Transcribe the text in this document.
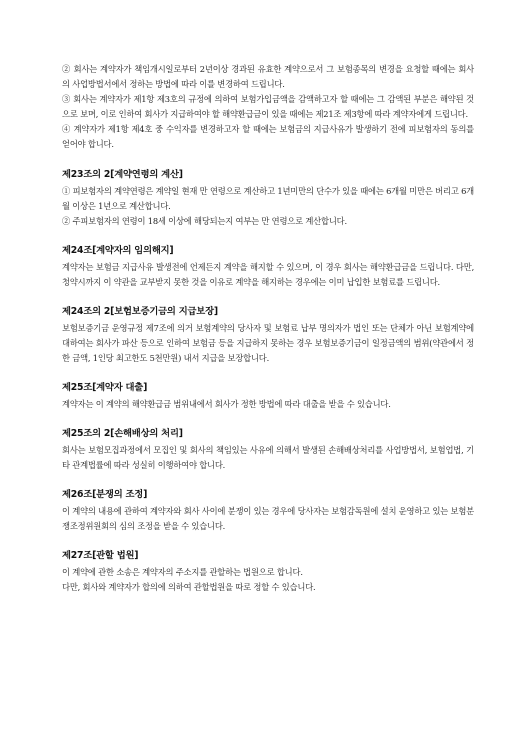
② 회사는 계약자가 책임개시일로부터 2년이상 경과된 유효한 계약으로서 그 보험종목의 변경을 요청할 때에는 회사의 사업방법서에서 정하는 방법에 따라 이를 변경하여 드립니다.

③ 회사는 계약자가 제1항 제3호의 규정에 의하여 보험가입금액을 감액하고자 할 때에는 그 감액된 부분은 해약된 것으로 보며, 이로 인하여 회사가 지급하여야 할 해약환급금이 있을 때에는 제21조 제3항에 따라 계약자에게 드립니다.

④ 계약자가 제1항 제4호 중 수익자를 변경하고자 할 때에는 보험금의 지급사유가 발생하기 전에 피보험자의 동의를 얻어야 합니다.

제23조의 2[계약연령의 계산]

① 피보험자의 계약연령은 계약일 현재 만 연령으로 계산하고 1년미만의 단수가 있을 때에는 6개월 미만은 버리고 6개월 이상은 1년으로 계산합니다.

② 주피보험자의 연령이 18세 이상에 해당되는지 여부는 만 연령으로 계산합니다.

제24조[계약자의 임의해지]

계약자는 보험금 지급사유 발생전에 언제든지 계약을 해지할 수 있으며, 이 경우 회사는 해약환급금을 드립니다. 다만, 청약시까지 이 약관을 교부받지 못한 것을 이유로 계약을 해지하는 경우에는 이미 납입한 보험료를 드립니다.

제24조의 2[보험보증기금의 지급보장]

보험보증기금 운영규정 제7조에 의거 보험계약의 당사자 및 보험료 납부 명의자가 법인 또는 단체가 아닌 보험계약에 대하여는 회사가 파산 등으로 인하여 보험금 등을 지급하지 못하는 경우 보험보증기금이 일정금액의 범위(약관에서 정한 금액, 1인당 최고한도 5천만원) 내서 지급을 보장합니다.

제25조[계약자 대출]

계약자는 이 계약의 해약환급금 범위내에서 회사가 정한 방법에 따라 대출을 받을 수 있습니다.

제25조의 2[손해배상의 처리]

회사는 보험모집과정에서 모집인 및 회사의 책임있는 사유에 의해서 발생된 손해배상처리를 사업방법서, 보험업법, 기타 관계법률에 따라 성실히 이행하여야 합니다.

제26조[분쟁의 조정]

이 계약의 내용에 관하여 계약자와 회사 사이에 분쟁이 있는 경우에 당사자는 보험감독원에 설치 운영하고 있는 보험분쟁조정위원회의 심의 조정을 받을 수 있습니다.

제27조[관할 법원]

이 계약에 관한 소송은 계약자의 주소지를 관할하는 법원으로 합니다.

다만, 회사와 계약자가 합의에 의하여 관할법원을 따로 정할 수 있습니다.
